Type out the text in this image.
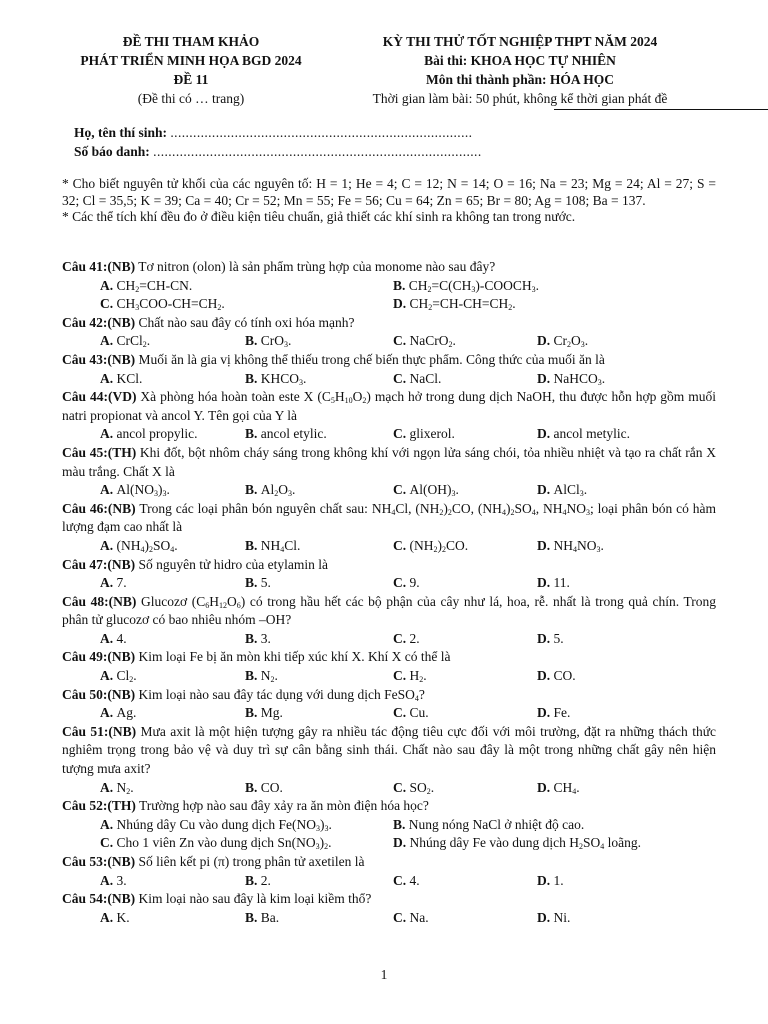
ĐỀ THI THAM KHẢO
PHÁT TRIỂN MINH HỌA BGD 2024
ĐỀ 11
(Đề thi có … trang)
KỲ THI THỬ TỐT NGHIỆP THPT NĂM 2024
Bài thi: KHOA HỌC TỰ NHIÊN
Môn thi thành phần: HÓA HỌC
Thời gian làm bài: 50 phút, không kể thời gian phát đề
Họ, tên thí sinh: ................................................................................
Số báo danh: .......................................................................................

* Cho biết nguyên tử khối của các nguyên tố: H = 1; He = 4; C = 12; N = 14; O = 16; Na = 23; Mg = 24; Al = 27; S = 32; Cl = 35,5; K = 39; Ca = 40; Cr = 52; Mn = 55; Fe = 56; Cu = 64; Zn = 65; Br = 80; Ag = 108; Ba = 137.

* Các thể tích khí đều đo ở điều kiện tiêu chuẩn, giả thiết các khí sinh ra không tan trong nước.

Câu 41:(NB) Tơ nitron (olon) là sản phẩm trùng hợp của monome nào sau đây?
A. $CH_2=CH-CN$.	B. $CH_2=C(CH_3)-COOCH_3$.
C. $CH_3COO-CH=CH_2$.	D. $CH_2=CH-CH=CH_2$.
Câu 42:(NB) Chất nào sau đây có tính oxi hóa mạnh?
A. CrCl$_2$.	B. CrO$_3$.	C. NaCrO$_2$.	D. $Cr_2O_3$.
Câu 43:(NB) Muối ăn là gia vị không thể thiếu trong chế biến thực phẩm. Công thức của muối ăn là
A. KCl.	B. $KHCO_3$.	C. NaCl.	D. NaHCO$_3$.
Câu 44:(VD) Xà phòng hóa hoàn toàn este X $(C_5H_{10}O_2)$ mạch hở trong dung dịch NaOH, thu được hỗn hợp gồm muối natri propionat và ancol Y. Tên gọi của Y là
A. ancol propylic.	B. ancol etylic.	C. glixerol.	D. ancol metylic.
Câu 45:(TH) Khi đốt, bột nhôm cháy sáng trong không khí với ngọn lửa sáng chói, tỏa nhiều nhiệt và tạo ra chất rắn X màu trắng. Chất X là
A. $Al(NO_3)_3$.	B. $Al_2O_3$.	C. $Al(OH)_3$.	D. AlCl$_3$.
Câu 46:(NB) Trong các loại phân bón nguyên chất sau: $NH_4Cl$, $(NH_2)_2CO$, $(NH_4)_2SO_4$, $NH_4NO_3$; loại phân bón có hàm lượng đạm cao nhất là
A. $(NH_4)_2SO_4$.	B. $NH_4Cl$.	C. $(NH_2)_2CO$.	D. $NH_4NO_3$.
Câu 47:(NB) Số nguyên tử hidro của etylamin là
A. 7.	B. 5.	C. 9.	D. 11.
Câu 48:(NB) Glucozơ $(C_6H_{12}O_6)$ có trong hầu hết các bộ phận của cây như lá, hoa, rễ. nhất là trong quả chín. Trong phân tử glucozơ có bao nhiêu nhóm –OH?
A. 4.	B. 3.	C. 2.	D. 5.
Câu 49:(NB) Kim loại Fe bị ăn mòn khi tiếp xúc khí X. Khí X có thể là
A. $Cl_2$.	B. $N_2$.	C. $H_2$.	D. CO.
Câu 50:(NB) Kim loại nào sau đây tác dụng với dung dịch FeSO$_4$?
A. Ag.	B. Mg.	C. Cu.	D. Fe.
Câu 51:(NB) Mưa axit là một hiện tượng gây ra nhiều tác động tiêu cực đối với môi trường, đặt ra những thách thức nghiêm trọng trong bảo vệ và duy trì sự cân bằng sinh thái. Chất nào sau đây là một trong những chất gây nên hiện tượng mưa axit?
A. $N_2$.	B. CO.	C. $SO_2$.	D. $CH_4$.
Câu 52:(TH) Trường hợp nào sau đây xảy ra ăn mòn điện hóa học?
A. Nhúng dây Cu vào dung dịch $Fe(NO_3)_3$.	B. Nung nóng NaCl ở nhiệt độ cao.
C. Cho 1 viên Zn vào dung dịch $Sn(NO_3)_2$.	D. Nhúng dây Fe vào dung dịch $H_2SO_4$ loãng.
Câu 53:(NB) Số liên kết pi (π) trong phân tử axetilen là
A. 3.	B. 2.	C. 4.	D. 1.
Câu 54:(NB) Kim loại nào sau đây là kim loại kiềm thổ?
A. K.	B. Ba.	C. Na.	D. Ni.
1
